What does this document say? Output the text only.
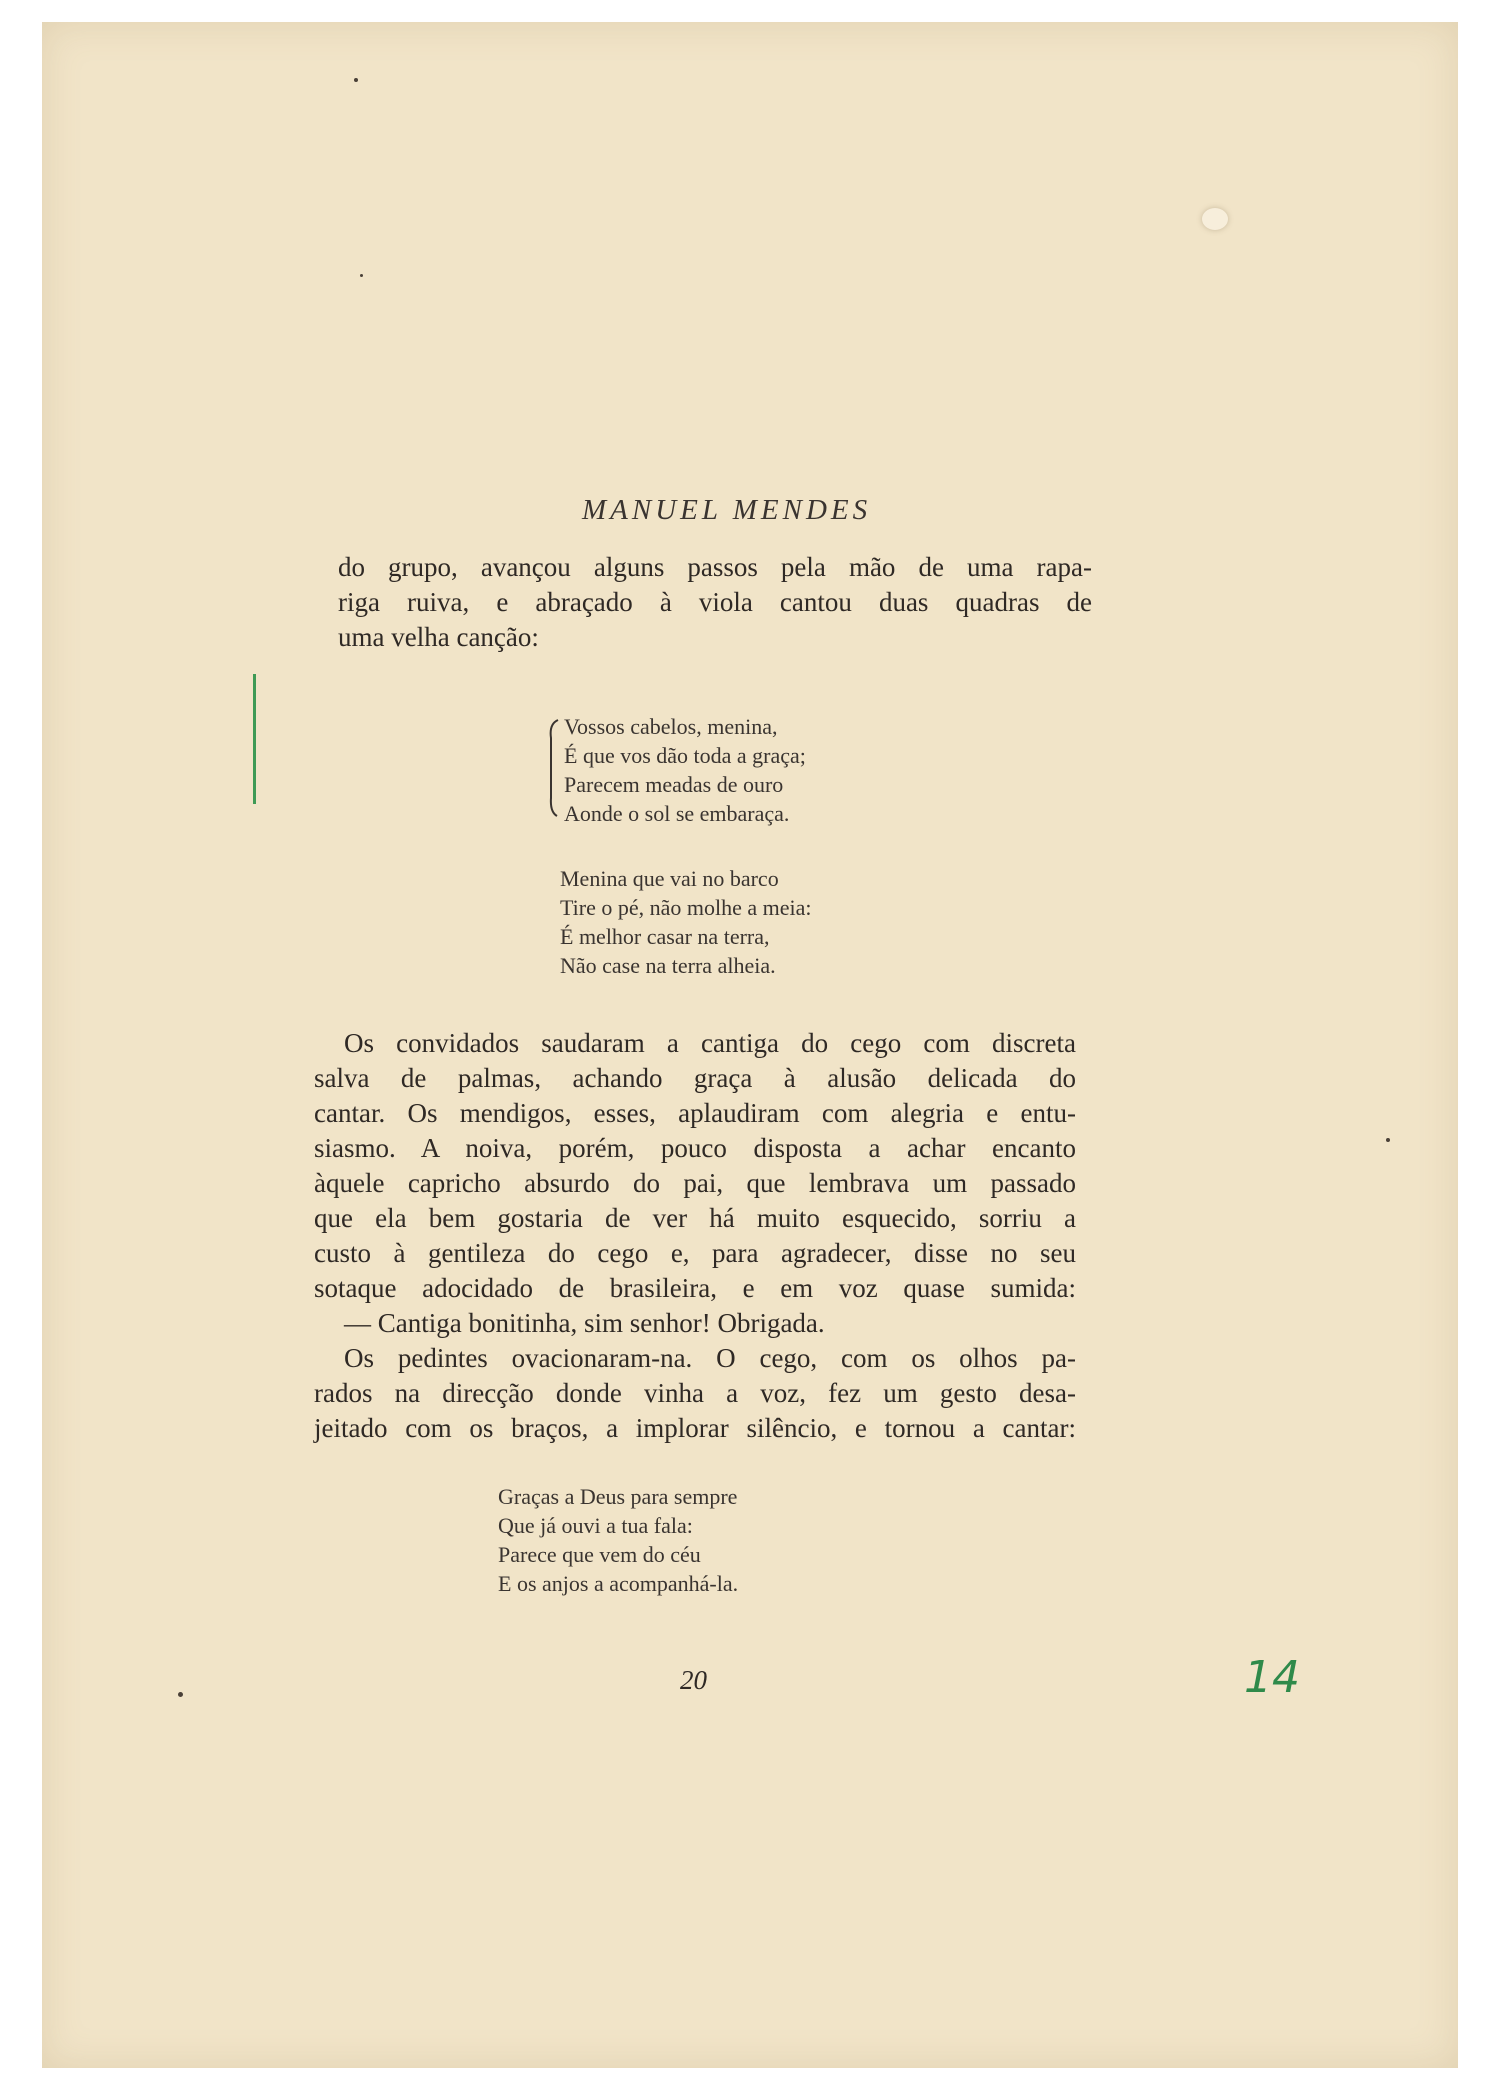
MANUEL MENDES
do grupo, avançou alguns passos pela mão de uma rapa-
riga ruiva, e abraçado à viola cantou duas quadras de
uma velha canção:
Vossos cabelos, menina,
É que vos dão toda a graça;
Parecem meadas de ouro
Aonde o sol se embaraça.
Menina que vai no barco
Tire o pé, não molhe a meia:
É melhor casar na terra,
Não case na terra alheia.
Os convidados saudaram a cantiga do cego com discreta
salva de palmas, achando graça à alusão delicada do
cantar. Os mendigos, esses, aplaudiram com alegria e entu-
siasmo. A noiva, porém, pouco disposta a achar encanto
àquele capricho absurdo do pai, que lembrava um passado
que ela bem gostaria de ver há muito esquecido, sorriu a
custo à gentileza do cego e, para agradecer, disse no seu
sotaque adocidado de brasileira, e em voz quase sumida:
— Cantiga bonitinha, sim senhor! Obrigada.
Os pedintes ovacionaram-na. O cego, com os olhos pa-
rados na direcção donde vinha a voz, fez um gesto desa-
jeitado com os braços, a implorar silêncio, e tornou a cantar:
Graças a Deus para sempre
Que já ouvi a tua fala:
Parece que vem do céu
E os anjos a acompanhá-la.
20	14
